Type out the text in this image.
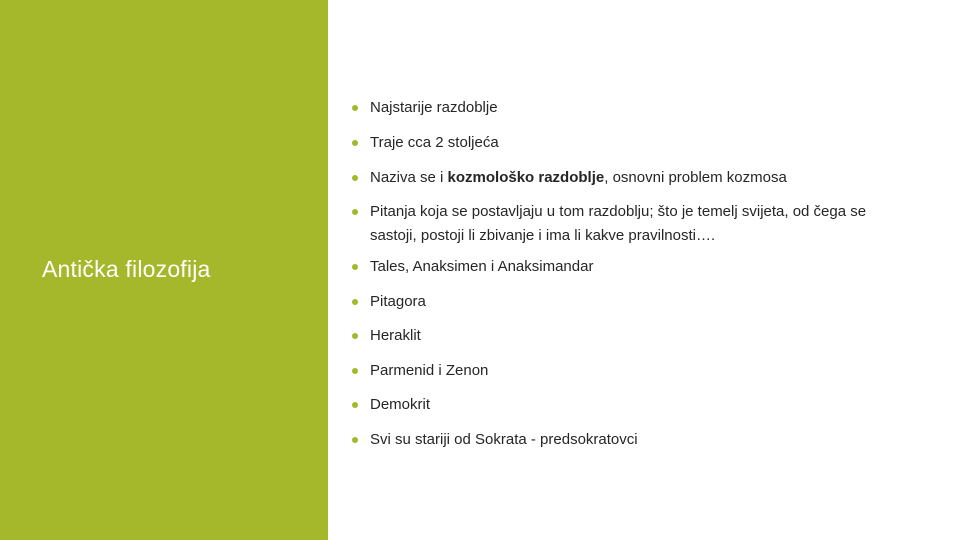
Antička filozofija
Najstarije razdoblje
Traje cca 2 stoljeća
Naziva se i kozmološko razdoblje, osnovni problem kozmosa
Pitanja koja se postavljaju u tom razdoblju; što je temelj svijeta, od čega se sastoji, postoji li zbivanje i ima li kakve pravilnosti….
Tales, Anaksimen i Anaksimandar
Pitagora
Heraklit
Parmenid i Zenon
Demokrit
Svi su stariji od Sokrata - predsokratovci
